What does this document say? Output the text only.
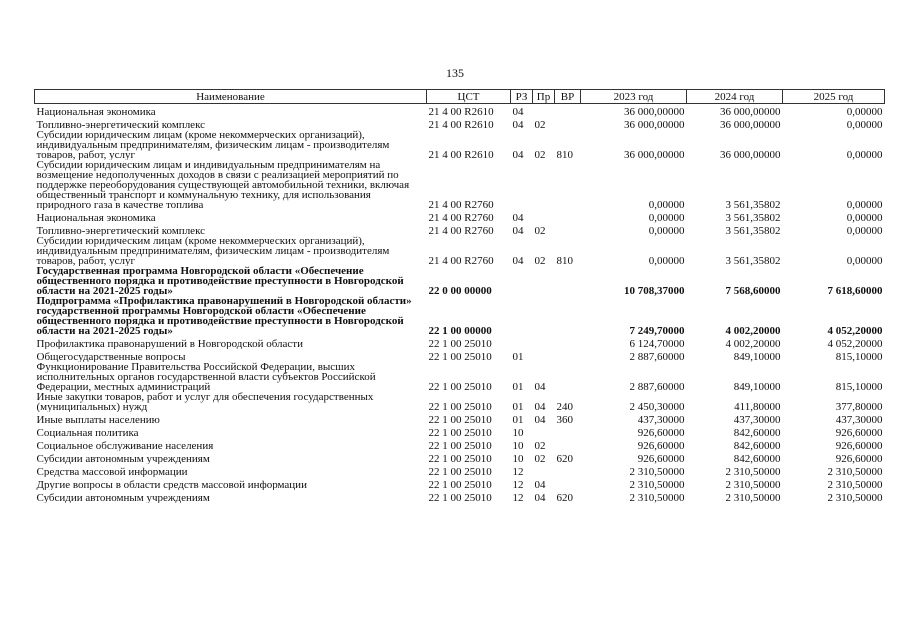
135
Наименование	ЦСТ	РЗ	Пр	ВР	2023 год	2024 год	2025 год
Национальная экономика	21 4 00 R2610	04			36 000,00000	36 000,00000	0,00000
Топливно-энергетический комплекс	21 4 00 R2610	04	02		36 000,00000	36 000,00000	0,00000
Субсидии юридическим лицам (кроме некоммерческих организаций), индивидуальным предпринимателям, физическим лицам - производителям товаров, работ, услуг	21 4 00 R2610	04	02	810	36 000,00000	36 000,00000	0,00000
Субсидии юридическим лицам и индивидуальным предпринимателям на возмещение недополученных доходов в связи с реализацией мероприятий по поддержке переоборудования существующей автомобильной техники, включая общественный транспорт и коммунальную технику, для использования природного газа в качестве топлива	21 4 00 R2760				0,00000	3 561,35802	0,00000
Национальная экономика	21 4 00 R2760	04			0,00000	3 561,35802	0,00000
Топливно-энергетический комплекс	21 4 00 R2760	04	02		0,00000	3 561,35802	0,00000
Субсидии юридическим лицам (кроме некоммерческих организаций), индивидуальным предпринимателям, физическим лицам - производителям товаров, работ, услуг	21 4 00 R2760	04	02	810	0,00000	3 561,35802	0,00000
Государственная программа Новгородской области «Обеспечение общественного порядка и противодействие преступности в Новгородской области на 2021-2025 годы»	22 0 00 00000				10 708,37000	7 568,60000	7 618,60000
Подпрограмма «Профилактика правонарушений в Новгородской области» государственной программы Новгородской области «Обеспечение общественного порядка и противодействие преступности в Новгородской области на 2021-2025 годы»	22 1 00 00000				7 249,70000	4 002,20000	4 052,20000
Профилактика правонарушений в Новгородской области	22 1 00 25010				6 124,70000	4 002,20000	4 052,20000
Общегосударственные вопросы	22 1 00 25010	01			2 887,60000	849,10000	815,10000
Функционирование Правительства Российской Федерации, высших исполнительных органов государственной власти субъектов Российской Федерации, местных администраций	22 1 00 25010	01	04		2 887,60000	849,10000	815,10000
Иные закупки товаров, работ и услуг для обеспечения государственных (муниципальных) нужд	22 1 00 25010	01	04	240	2 450,30000	411,80000	377,80000
Иные выплаты населению	22 1 00 25010	01	04	360	437,30000	437,30000	437,30000
Социальная политика	22 1 00 25010	10			926,60000	842,60000	926,60000
Социальное обслуживание населения	22 1 00 25010	10	02		926,60000	842,60000	926,60000
Субсидии автономным учреждениям	22 1 00 25010	10	02	620	926,60000	842,60000	926,60000
Средства массовой информации	22 1 00 25010	12			2 310,50000	2 310,50000	2 310,50000
Другие вопросы в области средств массовой информации	22 1 00 25010	12	04		2 310,50000	2 310,50000	2 310,50000
Субсидии автономным учреждениям	22 1 00 25010	12	04	620	2 310,50000	2 310,50000	2 310,50000
